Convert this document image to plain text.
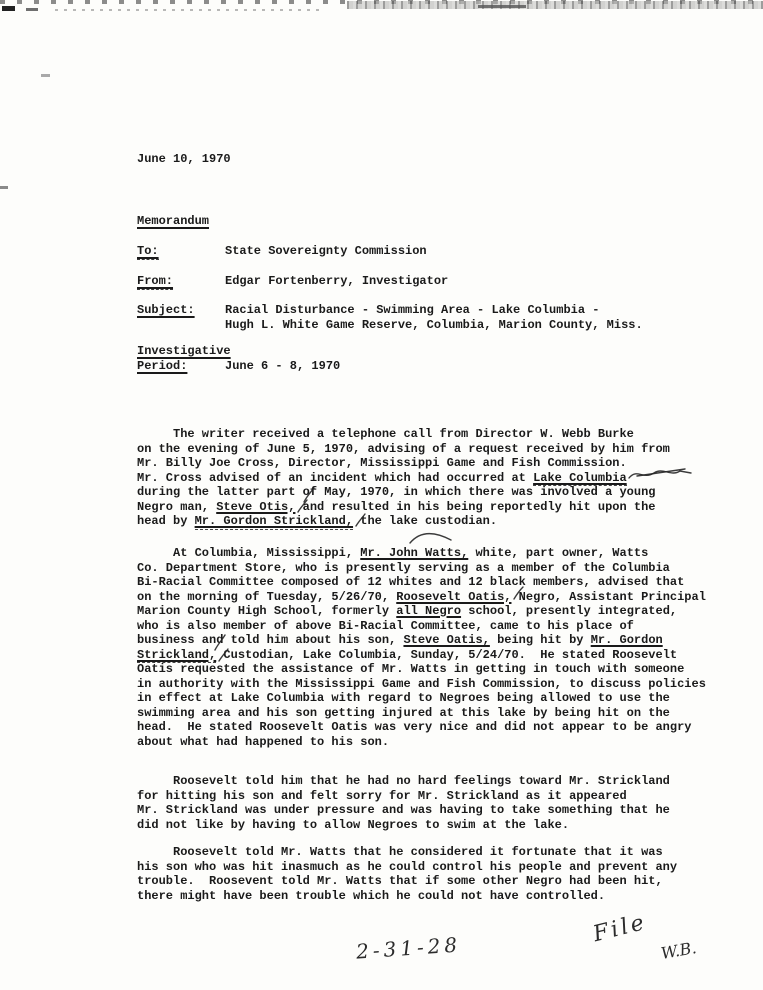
June 10, 1970
Memorandum
To:	State Sovereignty Commission
From:	Edgar Fortenberry, Investigator
Subject:	Racial Disturbance - Swimming Area - Lake Columbia -
Hugh L. White Game Reserve, Columbia, Marion County, Miss.
Investigative
Period:	June 6 - 8, 1970
The writer received a telephone call from Director W. Webb Burke
on the evening of June 5, 1970, advising of a request received by him from
Mr. Billy Joe Cross, Director, Mississippi Game and Fish Commission.
Mr. Cross advised of an incident which had occurred at Lake Columbia
during the latter part of May, 1970, in which there was involved a young
Negro man, Steve Otis, and resulted in his being reportedly hit upon the
head by Mr. Gordon Strickland, the lake custodian.
At Columbia, Mississippi, Mr. John Watts, white, part owner, Watts
Co. Department Store, who is presently serving as a member of the Columbia
Bi-Racial Committee composed of 12 whites and 12 black members, advised that
on the morning of Tuesday, 5/26/70, Roosevelt Oatis, Negro, Assistant Principal
Marion County High School, formerly all Negro school, presently integrated,
who is also member of above Bi-Racial Committee, came to his place of
business and told him about his son, Steve Oatis, being hit by Mr. Gordon
Strickland, Custodian, Lake Columbia, Sunday, 5/24/70.  He stated Roosevelt
Oatis requested the assistance of Mr. Watts in getting in touch with someone
in authority with the Mississippi Game and Fish Commission, to discuss policies
in effect at Lake Columbia with regard to Negroes being allowed to use the
swimming area and his son getting injured at this lake by being hit on the
head.  He stated Roosevelt Oatis was very nice and did not appear to be angry
about what had happened to his son.
Roosevelt told him that he had no hard feelings toward Mr. Strickland
for hitting his son and felt sorry for Mr. Strickland as it appeared
Mr. Strickland was under pressure and was having to take something that he
did not like by having to allow Negroes to swim at the lake.
Roosevelt told Mr. Watts that he considered it fortunate that it was
his son who was hit inasmuch as he could control his people and prevent any
trouble.  Roosevent told Mr. Watts that if some other Negro had been hit,
there might have been trouble which he could not have controlled.
2-31-28
File
W.B.
